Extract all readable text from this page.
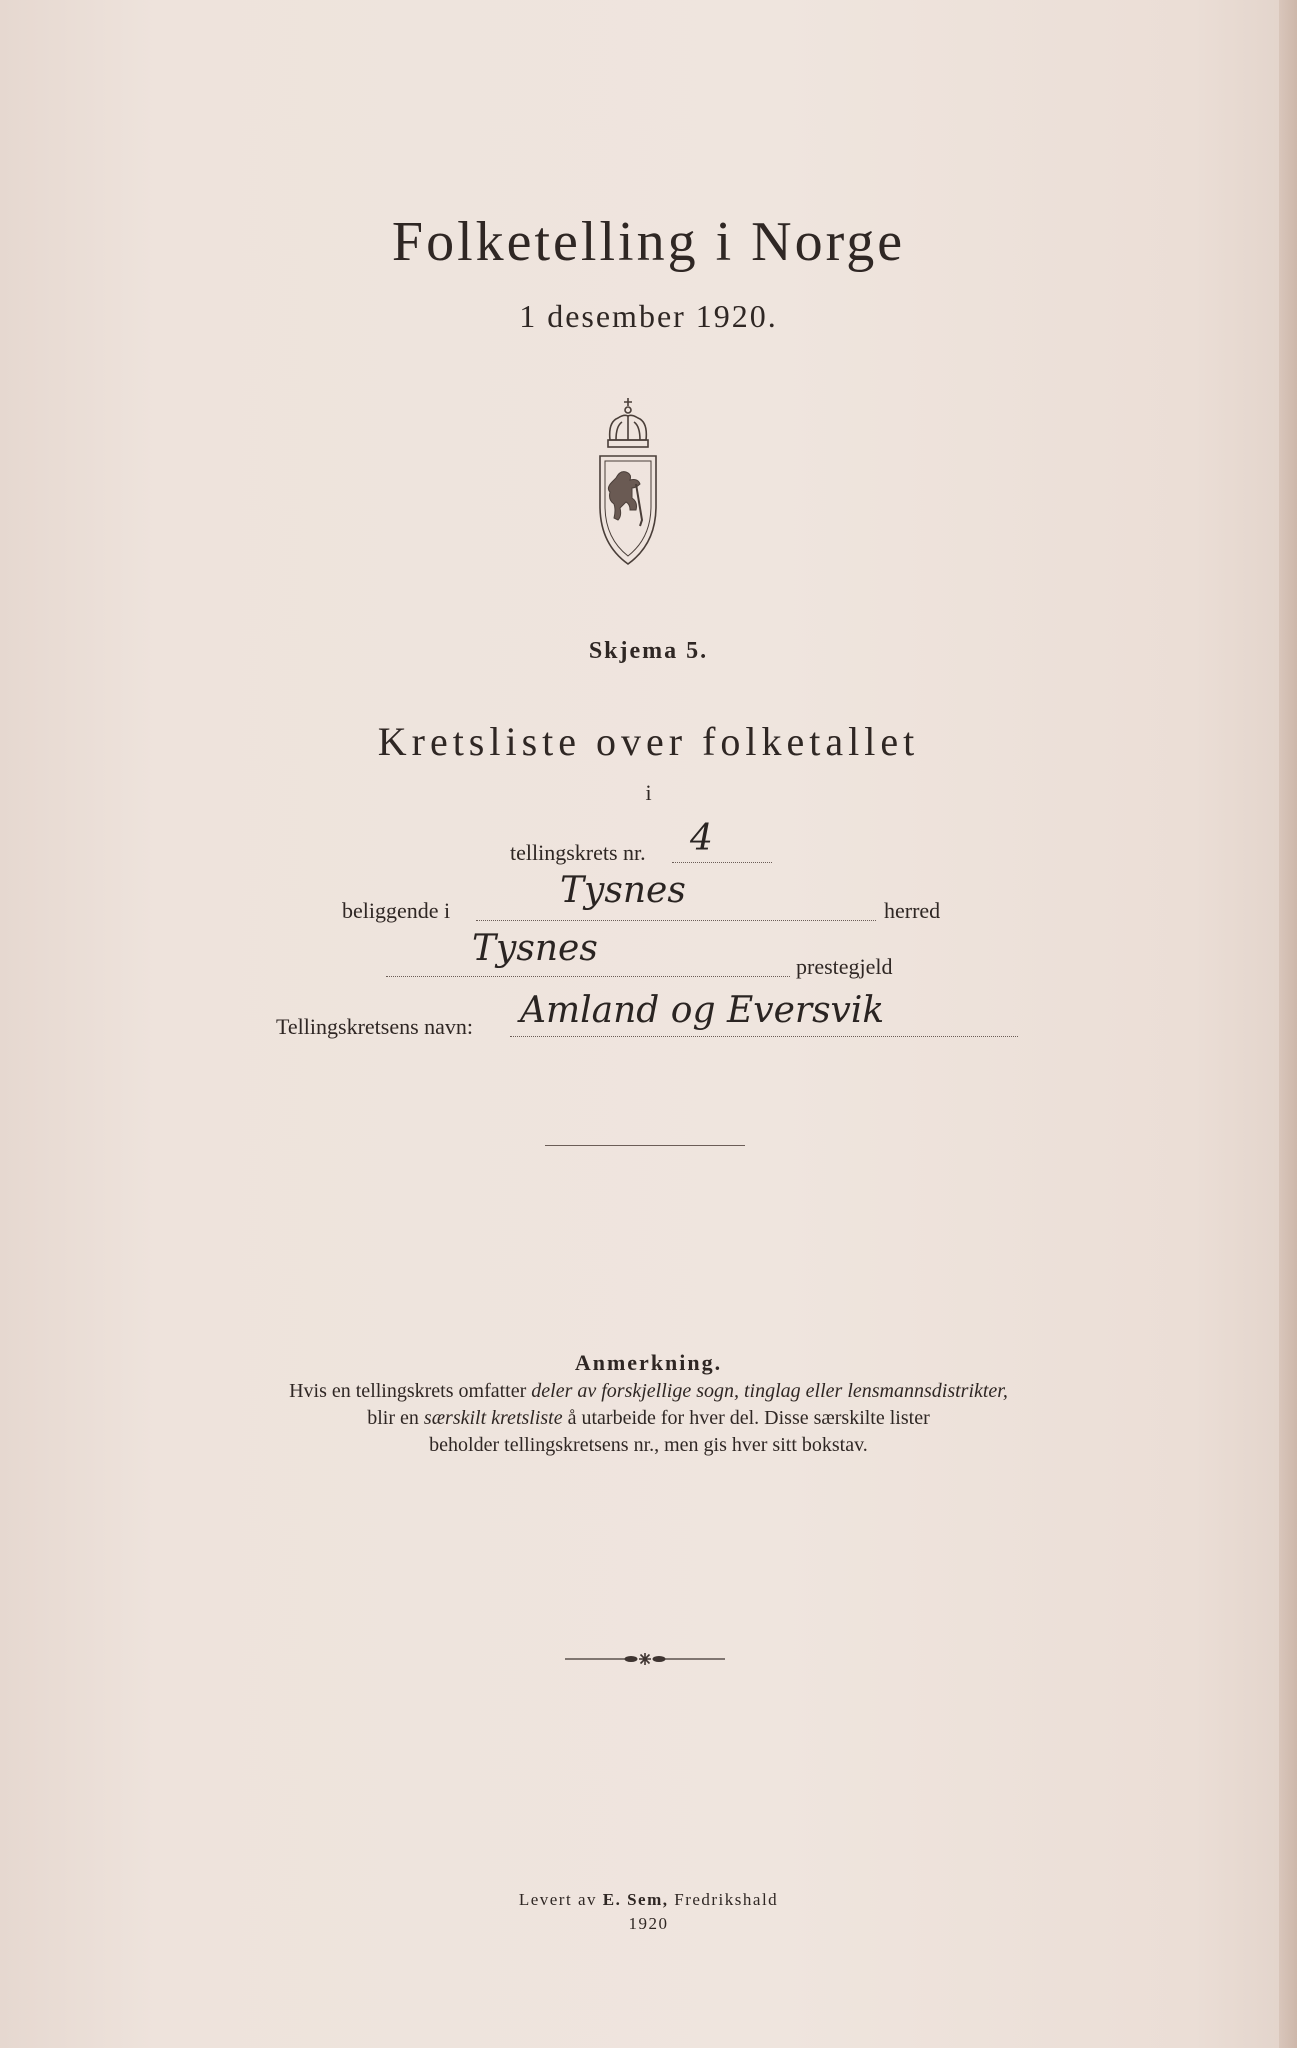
Folketelling i Norge
1 desember 1920.
Skjema 5.
Kretsliste over folketallet
i
tellingskrets nr. 4
beliggende i	Tysnes	herred
Tysnes	prestegjeld
Tellingskretsens navn: Amland og Eversvik
Anmerkning.
Hvis en tellingskrets omfatter deler av forskjellige sogn, tinglag eller lensmannsdistrikter,
blir en særskilt kretsliste å utarbeide for hver del. Disse særskilte lister
beholder tellingskretsens nr., men gis hver sitt bokstav.
Levert av E. Sem, Fredrikshald
1920
